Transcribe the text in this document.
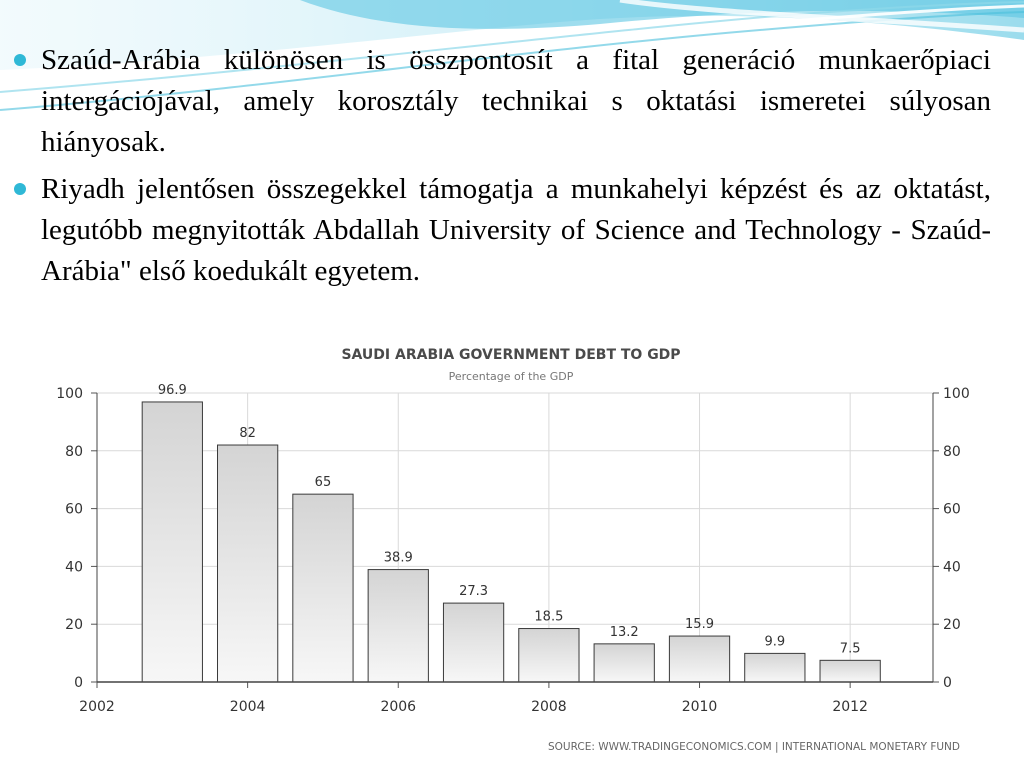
Szaúd-Arábia különösen is összpontosít a fital generáció munkaerőpiaci intergációjával, amely korosztály technikai s oktatási ismeretei súlyosan hiányosak.
Riyadh jelentősen összegekkel támogatja a munkahelyi képzést és az oktatást, legutóbb megnyitották Abdallah University of Science and Technology - Szaúd-Arábia" első koedukált egyetem.
SAUDI ARABIA GOVERNMENT DEBT TO GDP
Percentage of the GDP
96.9
82
65
38.9
27.3
18.5
13.2
15.9
9.9	7.5
0	0
20	20
40	40
60	60
80	80
100	100
2002	2004	2006	2008	2010	2012
SOURCE: WWW.TRADINGECONOMICS.COM | INTERNATIONAL MONETARY FUND
